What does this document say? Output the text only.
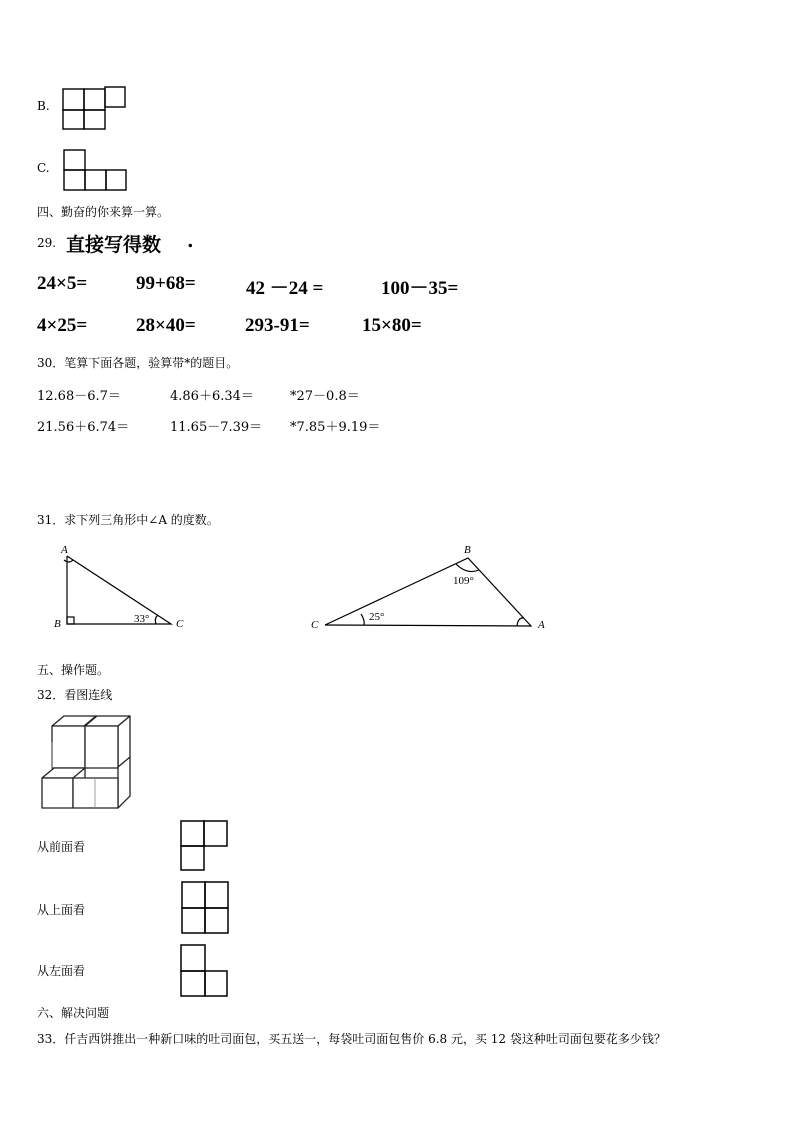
B.
C.
四、勤奋的你来算一算。
29. 直接写得数 .
24×5=	99+68=	42 －24 =	100－35=
4×25=	28×40=	293-91=	15×80=
30．笔算下面各题，验算带*的题目。
12.68－6.7＝	4.86＋6.34＝	*27－0.8＝
21.56＋6.74＝	11.65－7.39＝ *7.85＋9.19＝
31．求下列三角形中∠A 的度数。
A
B	C
33°
B
C	A
109°
25°
五、操作题。
32．看图连线
从前面看
从上面看
从左面看
六、解决问题
33．仟吉西饼推出一种新口味的吐司面包，买五送一，每袋吐司面包售价 6.8 元，买 12 袋这种吐司面包要花多少钱？
